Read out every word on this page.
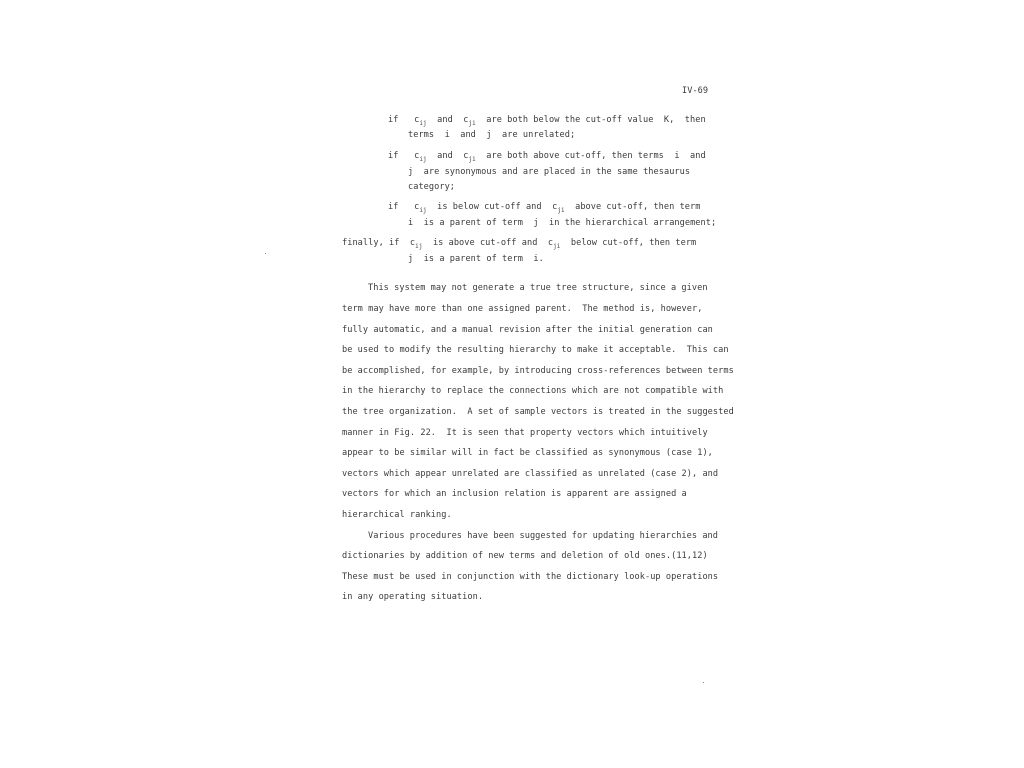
IV-69
if $c_{ij}$ and $c_{ji}$ are both below the cut-off value  K,  then
terms  i  and  j  are unrelated;
if $c_{ij}$ and $c_{ji}$ are both above cut-off, then terms  i  and
j  are synonymous and are placed in the same thesaurus
category;
if $c_{ij}$ is below cut-off and $c_{ji}$ above cut-off, then term
i  is a parent of term  j  in the hierarchical arrangement;
finally, if $c_{ij}$ is above cut-off and $c_{ji}$ below cut-off, then term
j  is a parent of term  i.
This system may not generate a true tree structure, since a given
term may have more than one assigned parent.  The method is, however,
fully automatic, and a manual revision after the initial generation can
be used to modify the resulting hierarchy to make it acceptable.  This can
be accomplished, for example, by introducing cross-references between terms
in the hierarchy to replace the connections which are not compatible with
the tree organization.  A set of sample vectors is treated in the suggested
manner in Fig. 22.  It is seen that property vectors which intuitively
appear to be similar will in fact be classified as synonymous (case 1),
vectors which appear unrelated are classified as unrelated (case 2), and
vectors for which an inclusion relation is apparent are assigned a
hierarchical ranking.
Various procedures have been suggested for updating hierarchies and
dictionaries by addition of new terms and deletion of old ones.(11,12)
These must be used in conjunction with the dictionary look-up operations
in any operating situation.
